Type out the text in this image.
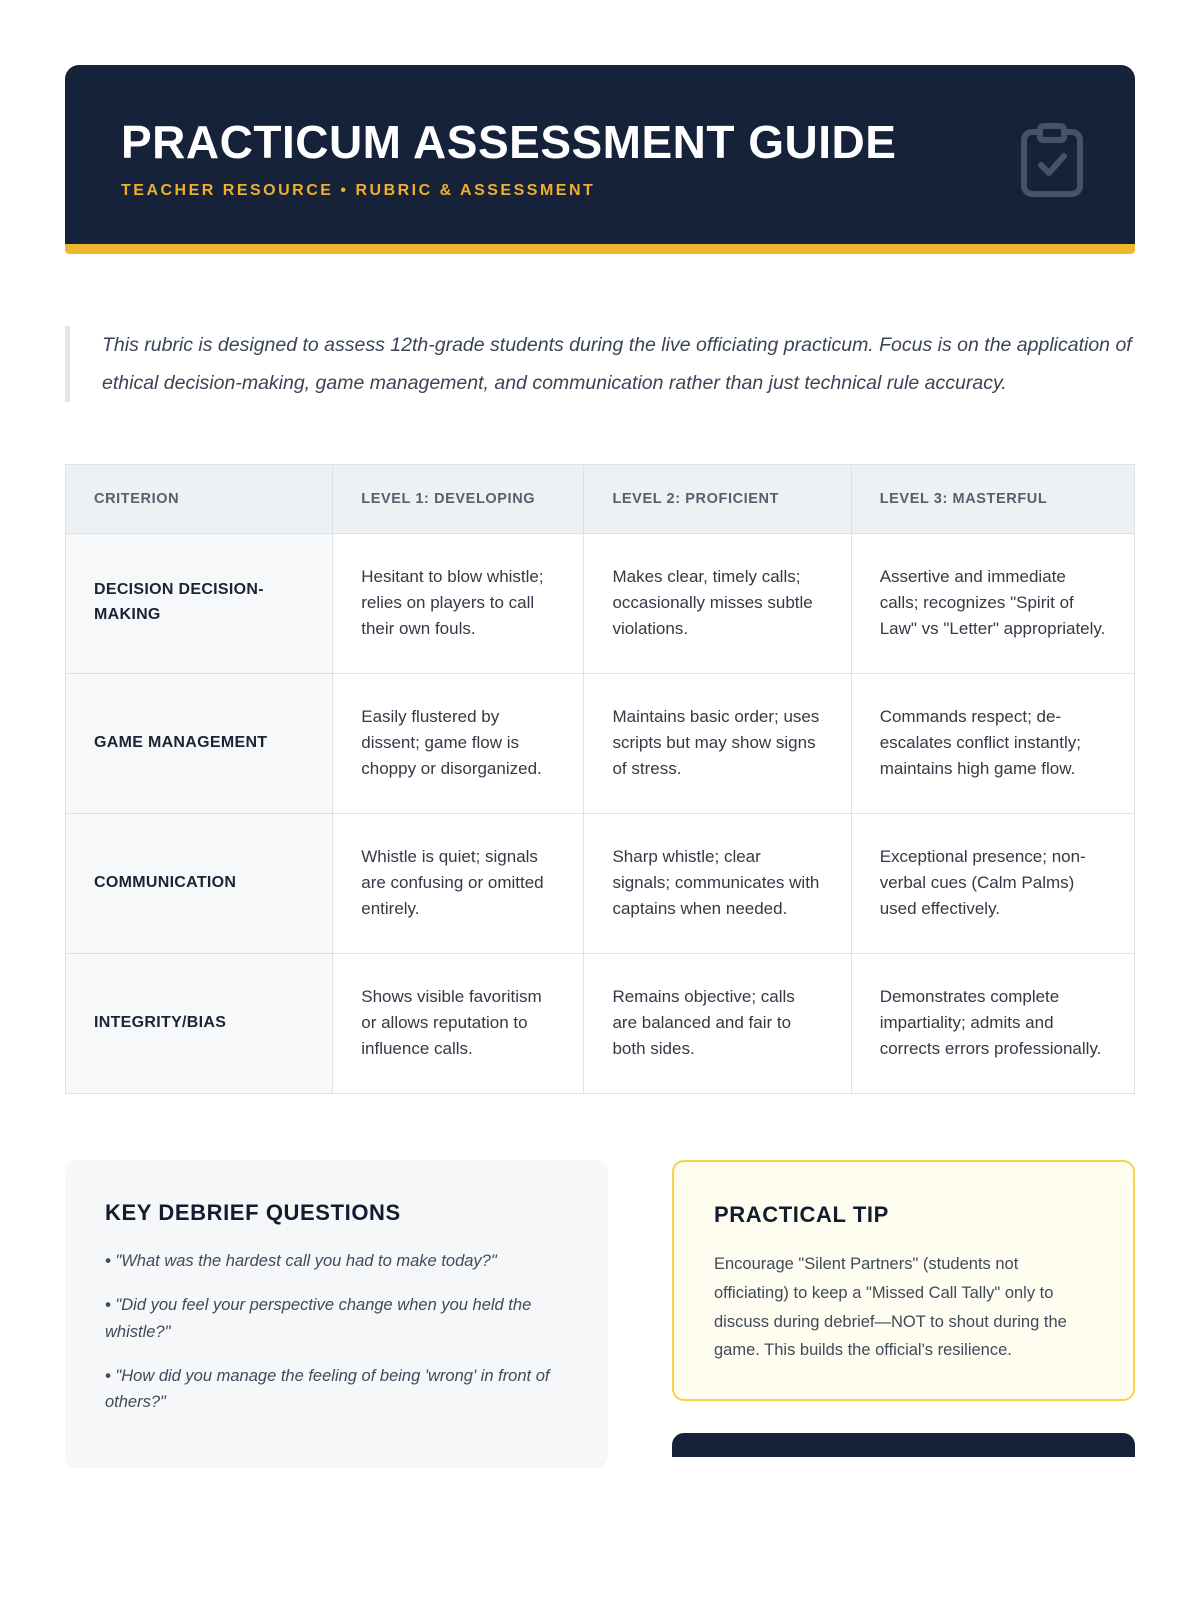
PRACTICUM ASSESSMENT GUIDE
TEACHER RESOURCE • RUBRIC & ASSESSMENT

This rubric is designed to assess 12th-grade students during the live officiating practicum. Focus is on the application of ethical decision-making, game management, and communication rather than just technical rule accuracy.

CRITERION	LEVEL 1: DEVELOPING	LEVEL 2: PROFICIENT	LEVEL 3: MASTERFUL
DECISION DECISION-MAKING	Hesitant to blow whistle; relies on players to call their own fouls.	Makes clear, timely calls; occasionally misses subtle violations.	Assertive and immediate calls; recognizes "Spirit of Law" vs "Letter" appropriately.
GAME MANAGEMENT	Easily flustered by dissent; game flow is choppy or disorganized.	Maintains basic order; uses scripts but may show signs of stress.	Commands respect; de-escalates conflict instantly; maintains high game flow.
COMMUNICATION	Whistle is quiet; signals are confusing or omitted entirely.	Sharp whistle; clear signals; communicates with captains when needed.	Exceptional presence; non-verbal cues (Calm Palms) used effectively.
INTEGRITY/BIAS	Shows visible favoritism or allows reputation to influence calls.	Remains objective; calls are balanced and fair to both sides.	Demonstrates complete impartiality; admits and corrects errors professionally.
KEY DEBRIEF QUESTIONS
• "What was the hardest call you had to make today?"
• "Did you feel your perspective change when you held the whistle?"
• "How did you manage the feeling of being 'wrong' in front of others?"
PRACTICAL TIP

Encourage "Silent Partners" (students not officiating) to keep a "Missed Call Tally" only to discuss during debrief—NOT to shout during the game. This builds the official's resilience.
